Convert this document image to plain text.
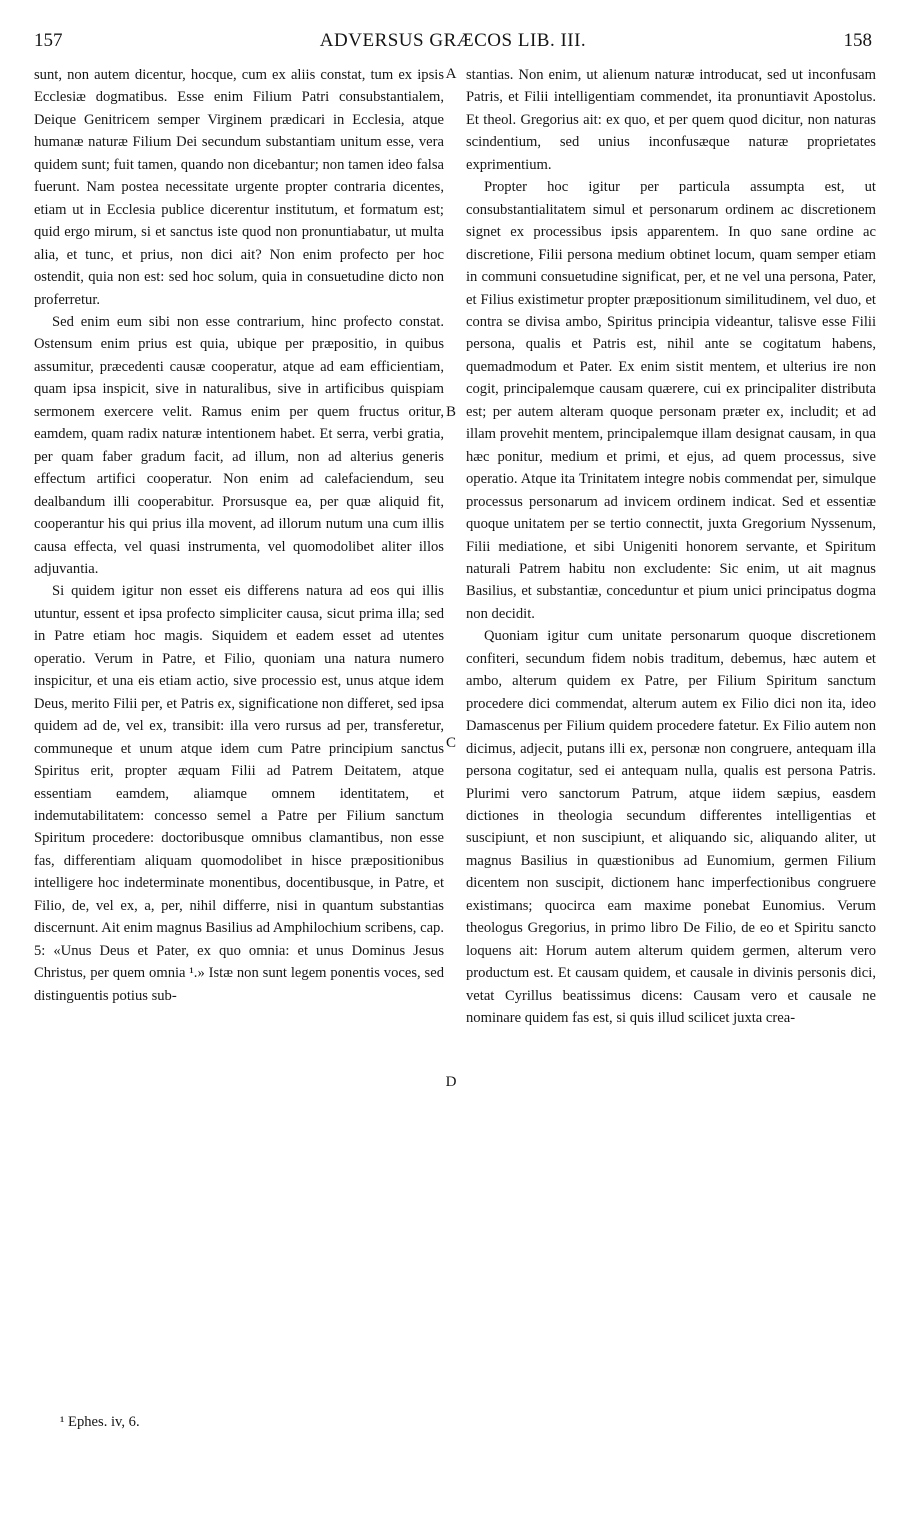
157	ADVERSUS GRÆCOS LIB. III.	158
A
B
C
D

sunt, non autem dicentur, hocque, cum ex aliis constat, tum ex ipsis Ecclesiæ dogmatibus. Esse enim Filium Patri consubstantialem, Deique Genitricem semper Virginem prædicari in Ecclesia, atque humanæ naturæ Filium Dei secundum substantiam unitum esse, vera quidem sunt; fuit tamen, quando non dicebantur; non tamen ideo falsa fuerunt. Nam postea necessitate urgente propter contraria dicentes, etiam ut in Ecclesia publice dicerentur institutum, et formatum est; quid ergo mirum, si et sanctus iste quod non pronuntiabatur, ut multa alia, et tunc, et prius, non dici ait? Non enim profecto per hoc ostendit, quia non est: sed hoc solum, quia in consuetudine dicto non proferretur.

Sed enim eum sibi non esse contrarium, hinc profecto constat. Ostensum enim prius est quia, ubique per præpositio, in quibus assumitur, præcedenti causæ cooperatur, atque ad eam efficientiam, quam ipsa inspicit, sive in naturalibus, sive in artificibus quispiam sermonem exercere velit. Ramus enim per quem fructus oritur, eamdem, quam radix naturæ intentionem habet. Et serra, verbi gratia, per quam faber gradum facit, ad illum, non ad alterius generis effectum artifici cooperatur. Non enim ad calefaciendum, seu dealbandum illi cooperabitur. Prorsusque ea, per quæ aliquid fit, cooperantur his qui prius illa movent, ad illorum nutum una cum illis causa effecta, vel quasi instrumenta, vel quomodolibet aliter illos adjuvantia.

Si quidem igitur non esset eis differens natura ad eos qui illis utuntur, essent et ipsa profecto simpliciter causa, sicut prima illa; sed in Patre etiam hoc magis. Siquidem et eadem esset ad utentes operatio. Verum in Patre, et Filio, quoniam una natura numero inspicitur, et una eis etiam actio, sive processio est, unus atque idem Deus, merito Filii per, et Patris ex, significatione non differet, sed ipsa quidem ad de, vel ex, transibit: illa vero rursus ad per, transferetur, communeque et unum atque idem cum Patre principium sanctus Spiritus erit, propter æquam Filii ad Patrem Deitatem, atque essentiam eamdem, aliamque omnem identitatem, et indemutabilitatem: concesso semel a Patre per Filium sanctum Spiritum procedere: doctoribusque omnibus clamantibus, non esse fas, differentiam aliquam quomodolibet in hisce præpositionibus intelligere hoc indeterminate monentibus, docentibusque, in Patre, et Filio, de, vel ex, a, per, nihil differre, nisi in quantum substantias discernunt. Ait enim magnus Basilius ad Amphilochium scribens, cap. 5: «Unus Deus et Pater, ex quo omnia: et unus Dominus Jesus Christus, per quem omnia ¹.» Istæ non sunt legem ponentis voces, sed distinguentis potius sub-

stantias. Non enim, ut alienum naturæ introducat, sed ut inconfusam Patris, et Filii intelligentiam commendet, ita pronuntiavit Apostolus. Et theol. Gregorius ait: ex quo, et per quem quod dicitur, non naturas scindentium, sed unius inconfusæque naturæ proprietates exprimentium.

Propter hoc igitur per particula assumpta est, ut consubstantialitatem simul et personarum ordinem ac discretionem signet ex processibus ipsis apparentem. In quo sane ordine ac discretione, Filii persona medium obtinet locum, quam semper etiam in communi consuetudine significat, per, et ne vel una persona, Pater, et Filius existimetur propter præpositionum similitudinem, vel duo, et contra se divisa ambo, Spiritus principia videantur, talisve esse Filii persona, qualis et Patris est, nihil ante se cogitatum habens, quemadmodum et Pater. Ex enim sistit mentem, et ulterius ire non cogit, principalemque causam quærere, cui ex principaliter distributa est; per autem alteram quoque personam præter ex, includit; et ad illam provehit mentem, principalemque illam designat causam, in qua hæc ponitur, medium et primi, et ejus, ad quem processus, sive operatio. Atque ita Trinitatem integre nobis commendat per, simulque processus personarum ad invicem ordinem indicat. Sed et essentiæ quoque unitatem per se tertio connectit, juxta Gregorium Nyssenum, Filii mediatione, et sibi Unigeniti honorem servante, et Spiritum naturali Patrem habitu non excludente: Sic enim, ut ait magnus Basilius, et substantiæ, conceduntur et pium unici principatus dogma non decidit.

Quoniam igitur cum unitate personarum quoque discretionem confiteri, secundum fidem nobis traditum, debemus, hæc autem et ambo, alterum quidem ex Patre, per Filium Spiritum sanctum procedere dici commendat, alterum autem ex Filio dici non ita, ideo Damascenus per Filium quidem procedere fatetur. Ex Filio autem non dicimus, adjecit, putans illi ex, personæ non congruere, antequam illa persona cogitatur, sed ei antequam nulla, qualis est persona Patris. Plurimi vero sanctorum Patrum, atque iidem sæpius, easdem dictiones in theologia secundum differentes intelligentias et suscipiunt, et non suscipiunt, et aliquando sic, aliquando aliter, ut magnus Basilius in quæstionibus ad Eunomium, germen Filium dicentem non suscipit, dictionem hanc imperfectionibus congruere existimans; quocirca eam maxime ponebat Eunomius. Verum theologus Gregorius, in primo libro De Filio, de eo et Spiritu sancto loquens ait: Horum autem alterum quidem germen, alterum vero productum est. Et causam quidem, et causale in divinis personis dici, vetat Cyrillus beatissimus dicens: Causam vero et causale ne nominare quidem fas est, si quis illud scilicet juxta crea-

¹ Ephes. iv, 6.
